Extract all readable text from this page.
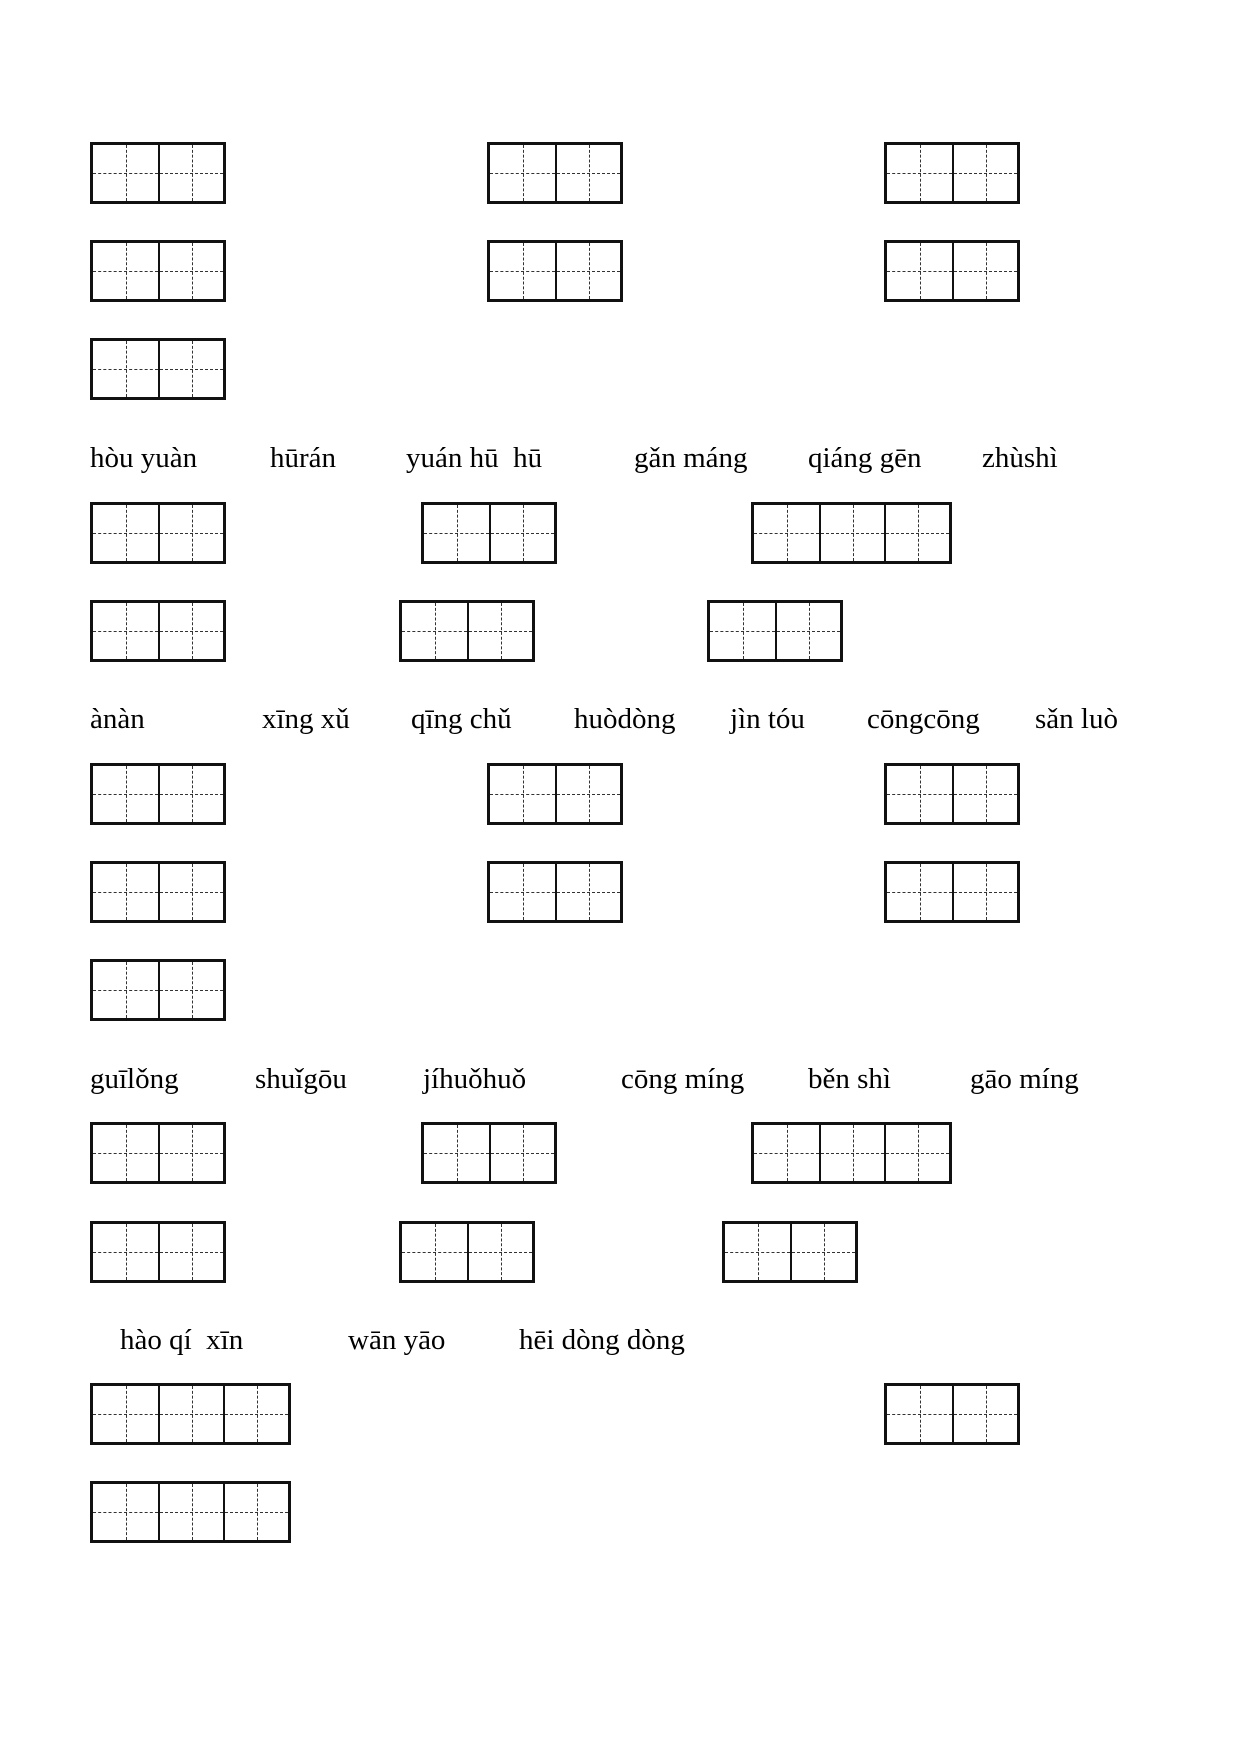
hòu yuàn	hūrán yuán hū  hū	gǎn máng qiáng gēn zhùshì
ànàn	xīng xǔ qīng chǔ huòdòng jìn tóu cōngcōng sǎn luò
guīlǒng	shuǐgōu	jíhuǒhuǒ	cōng míng běn shì	gāo míng
hào qí  xīn	wān yāo	hēi dòng dòng
